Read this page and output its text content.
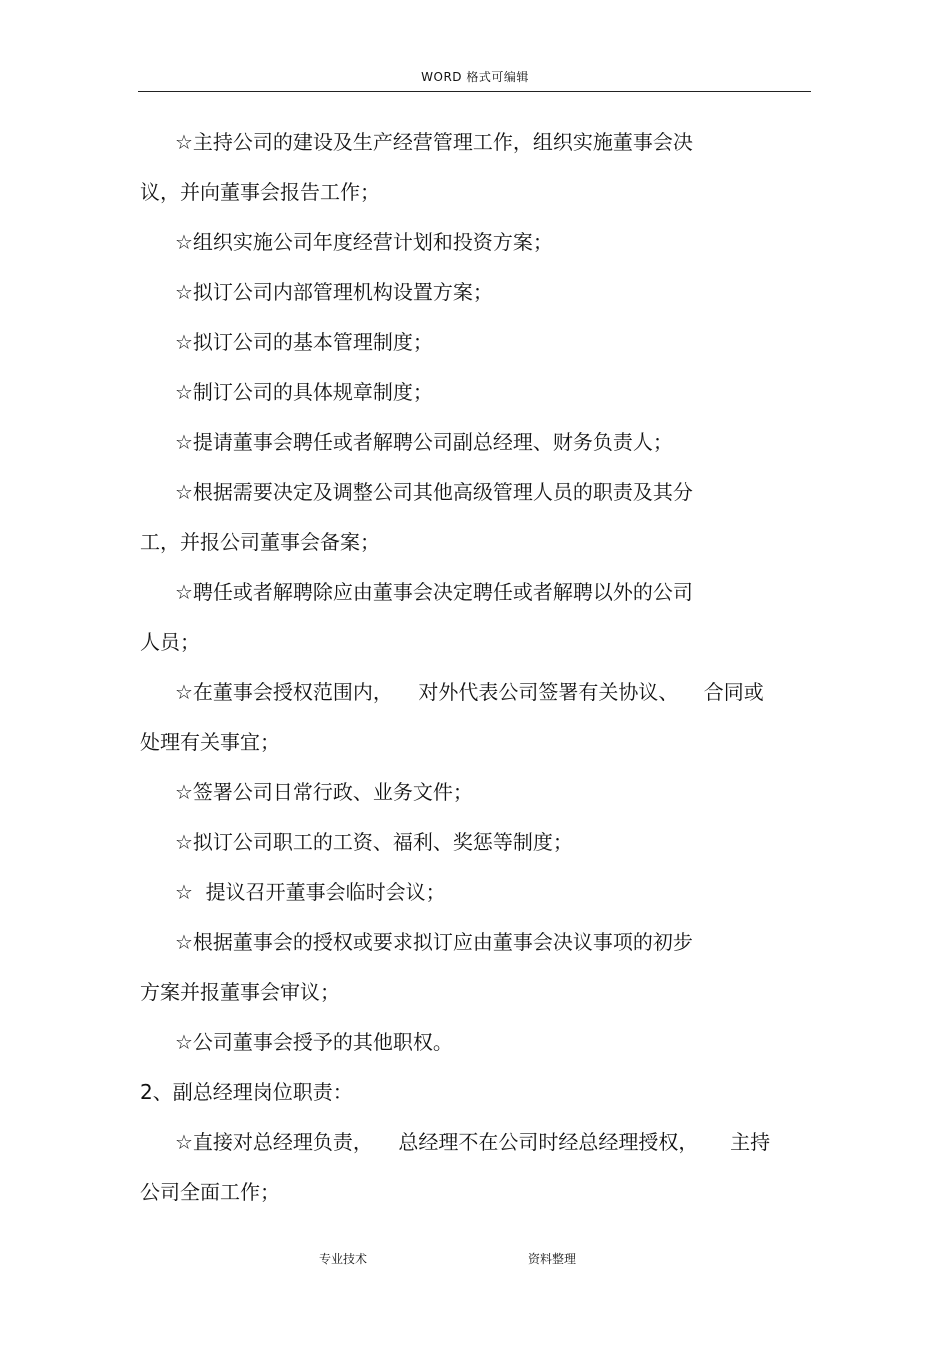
WORD 格式可编辑
☆主持公司的建设及生产经营管理工作，组织实施董事会决
议，并向董事会报告工作；
☆组织实施公司年度经营计划和投资方案；
☆拟订公司内部管理机构设置方案；
☆拟订公司的基本管理制度；
☆制订公司的具体规章制度；
☆提请董事会聘任或者解聘公司副总经理、财务负责人；
☆根据需要决定及调整公司其他高级管理人员的职责及其分
工，并报公司董事会备案；
☆聘任或者解聘除应由董事会决定聘任或者解聘以外的公司
人员；
☆在董事会授权范围内，    对外代表公司签署有关协议、    合同或
处理有关事宜；
☆签署公司日常行政、业务文件；
☆拟订公司职工的工资、福利、奖惩等制度；
☆  提议召开董事会临时会议；
☆根据董事会的授权或要求拟订应由董事会决议事项的初步
方案并报董事会审议；
☆公司董事会授予的其他职权。
2、副总经理岗位职责：
☆直接对总经理负责，    总经理不在公司时经总经理授权，     主持
公司全面工作；
专业技术	资料整理
